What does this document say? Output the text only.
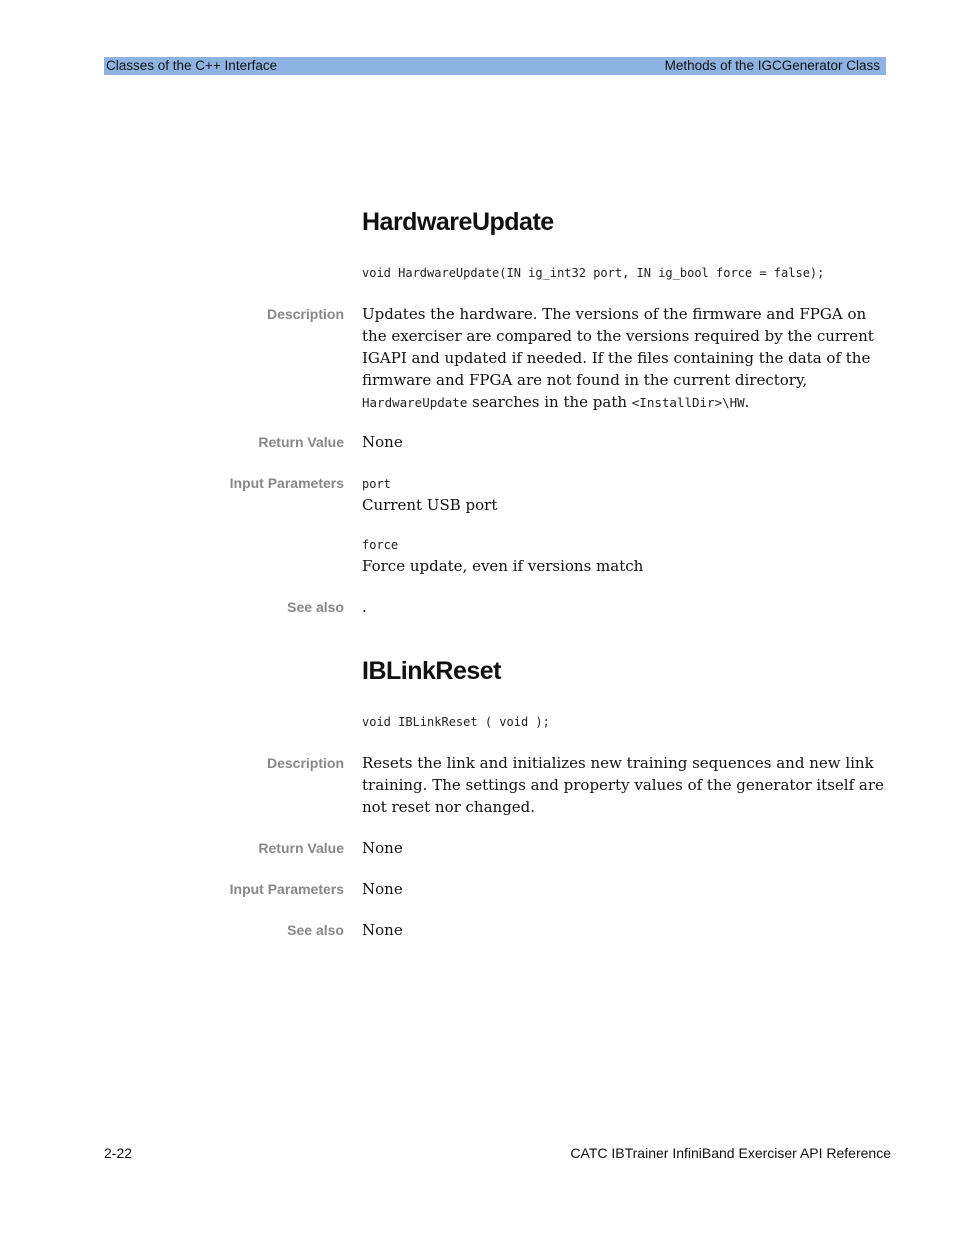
Classes of the C++ Interface	Methods of the IGCGenerator Class
HardwareUpdate
void HardwareUpdate(IN ig_int32 port, IN ig_bool force = false);
Description Updates the hardware. The versions of the firmware and FPGA on the exerciser are compared to the versions required by the current IGAPI and updated if needed. If the files containing the data of the firmware and FPGA are not found in the current directory, HardwareUpdate searches in the path <InstallDir>\HW.
Return Value None
Input Parameters port
Current USB port
force
Force update, even if versions match
See also .
IBLinkReset
void IBLinkReset ( void );
Description Resets the link and initializes new training sequences and new link training. The settings and property values of the generator itself are not reset nor changed.
Return Value None
Input Parameters None
See also None
2-22	CATC IBTrainer InfiniBand Exerciser API Reference
